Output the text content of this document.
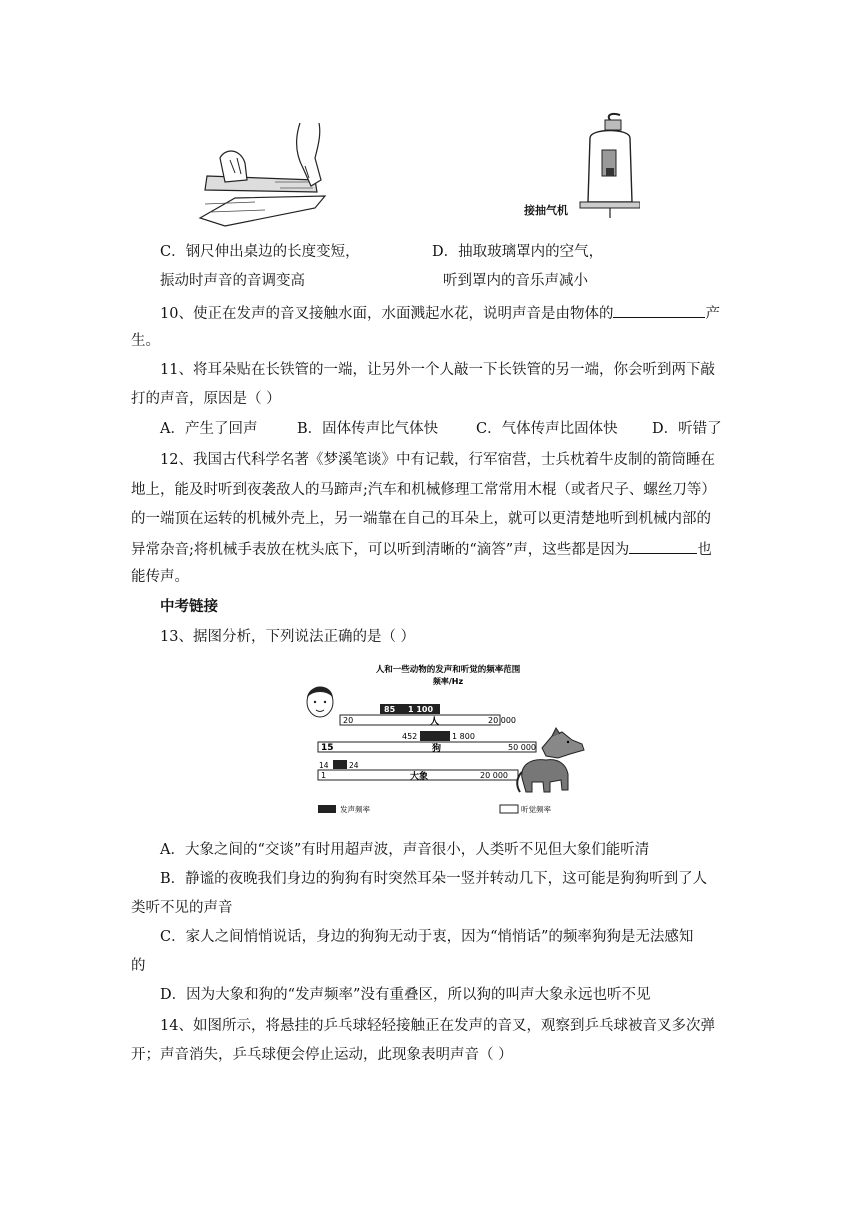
接抽气机
C．钢尺伸出桌边的长度变短，	D．抽取玻璃罩内的空气，
振动时声音的音调变高	听到罩内的音乐声减小
10、使正在发声的音叉接触水面，水面溅起水花，说明声音是由物体的	产
生。
11、将耳朵贴在长铁管的一端，让另外一个人敲一下长铁管的另一端，你会听到两下敲
打的声音，原因是（ ）
A．产生了回声	B．固体传声比气体快	C．气体传声比固体快 D．听错了
12、我国古代科学名著《梦溪笔谈》中有记载，行军宿营，士兵枕着牛皮制的箭筒睡在
地上，能及时听到夜袭敌人的马蹄声;汽车和机械修理工常常用木棍（或者尺子、螺丝刀等）
的一端顶在运转的机械外壳上，另一端靠在自己的耳朵上，就可以更清楚地听到机械内部的
异常杂音;将机械手表放在枕头底下，可以听到清晰的“滴答”声，这些都是因为	也
能传声。
中考链接
13、据图分析，下列说法正确的是（ ）
人和一些动物的发声和听觉的频率范围
频率/Hz
85 1 100
20	人	20 000
452	1 800
15	狗	50 000
14	24
1	大象	20 000
发声频率	听觉频率
A．大象之间的“交谈”有时用超声波，声音很小，人类听不见但大象们能听清
B．静谧的夜晚我们身边的狗狗有时突然耳朵一竖并转动几下，这可能是狗狗听到了人
类听不见的声音
C．家人之间悄悄说话，身边的狗狗无动于衷，因为“悄悄话”的频率狗狗是无法感知
的
D．因为大象和狗的“发声频率”没有重叠区，所以狗的叫声大象永远也听不见
14、如图所示，将悬挂的乒乓球轻轻接触正在发声的音叉，观察到乒乓球被音叉多次弹
开；声音消失，乒乓球便会停止运动，此现象表明声音（ ）
